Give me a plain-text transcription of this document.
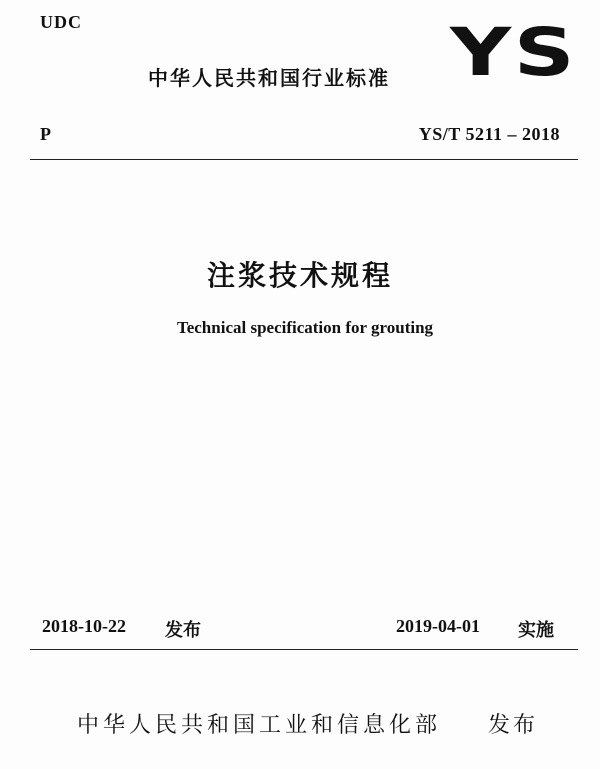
UDC
中华人民共和国行业标准 YS
P	YS/T 5211 – 2018
注浆技术规程
Technical specification for grouting
2018-10-22 发布	2019-04-01 实施
中华人民共和国工业和信息化部 发布
